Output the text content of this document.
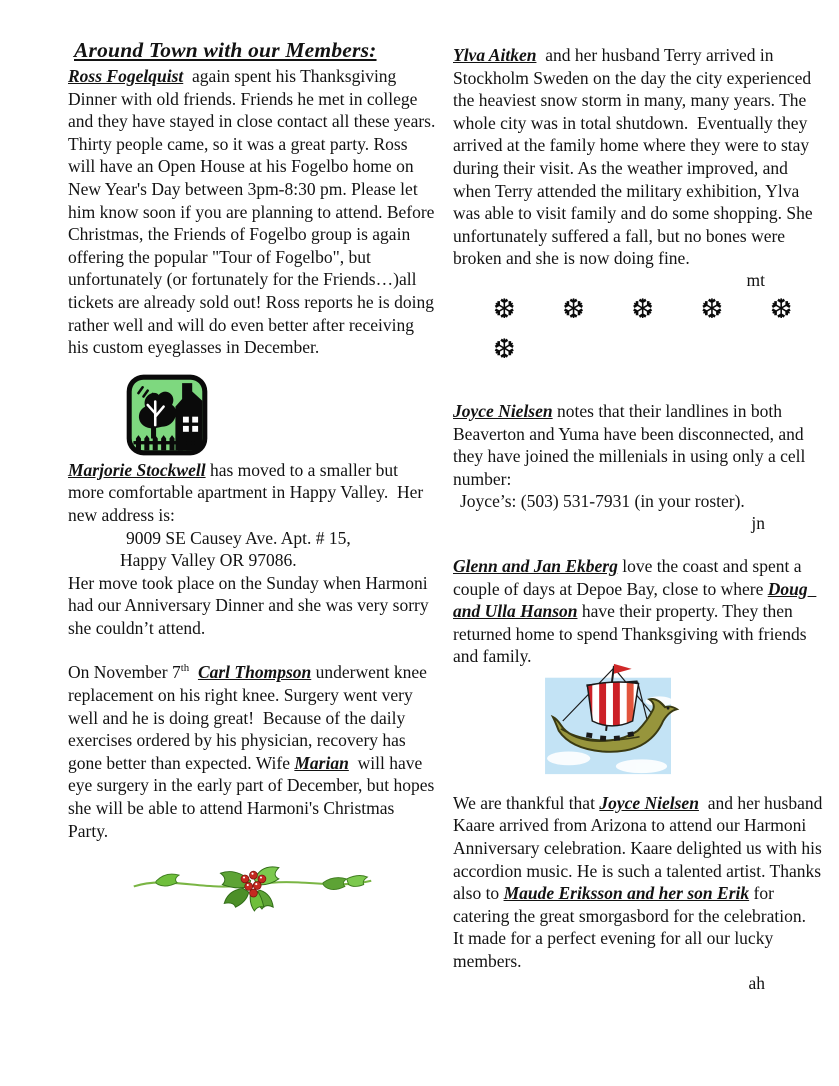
Around Town with our Members:

Ross Fogelquist  again spent his Thanksgiving Dinner with old friends. Friends he met in college and they have stayed in close contact all these years. Thirty people came, so it was a great party. Ross will have an Open House at his Fogelbo home on New Year's Day between 3pm-8:30 pm. Please let him know soon if you are planning to attend. Before Christmas, the Friends of Fogelbo group is again offering the popular "Tour of Fogelbo", but unfortunately (or fortunately for the Friends…)all tickets are already sold out! Ross reports he is doing rather well and will do even better after receiving his custom eyeglasses in December.

Marjorie Stockwell has moved to a smaller but more comfortable apartment in Happy Valley.  Her new address is:

9009 SE Causey Ave. Apt. # 15,
Happy Valley OR 97086.

Her move took place on the Sunday when Harmoni had our Anniversary Dinner and she was very sorry she couldn’t attend.

On November 7th Carl Thompson underwent knee replacement on his right knee. Surgery went very well and he is doing great!  Because of the daily exercises ordered by his physician, recovery has gone better than expected. Wife Marian  will have eye surgery in the early part of December, but hopes she will be able to attend Harmoni's Christmas Party.

Ylva Aitken  and her husband Terry arrived in Stockholm Sweden on the day the city experienced the heaviest snow storm in many, many years. The whole city was in total shutdown.  Eventually they arrived at the family home where they were to stay during their visit. As the weather improved, and when Terry attended the military exhibition, Ylva was able to visit family and do some shopping. She unfortunately suffered a fall, but no bones were broken and she is now doing fine.

mt
❆ ❆ ❆ ❆ ❆ ❆

Joyce Nielsen notes that their landlines in both Beaverton and Yuma have been disconnected, and they have joined the millenials in using only a cell number:

Joyce’s: (503) 531-7931 (in your roster).
jn

Glenn and Jan Ekberg love the coast and spent a couple of days at Depoe Bay, close to where Doug  and Ulla Hanson have their property. They then returned home to spend Thanksgiving with friends and family.

We are thankful that Joyce Nielsen  and her husband Kaare arrived from Arizona to attend our Harmoni Anniversary celebration. Kaare delighted us with his accordion music. He is such a talented artist. Thanks also to Maude Eriksson and her son Erik for catering the great smorgasbord for the celebration.  It made for a perfect evening for all our lucky members.

ah
